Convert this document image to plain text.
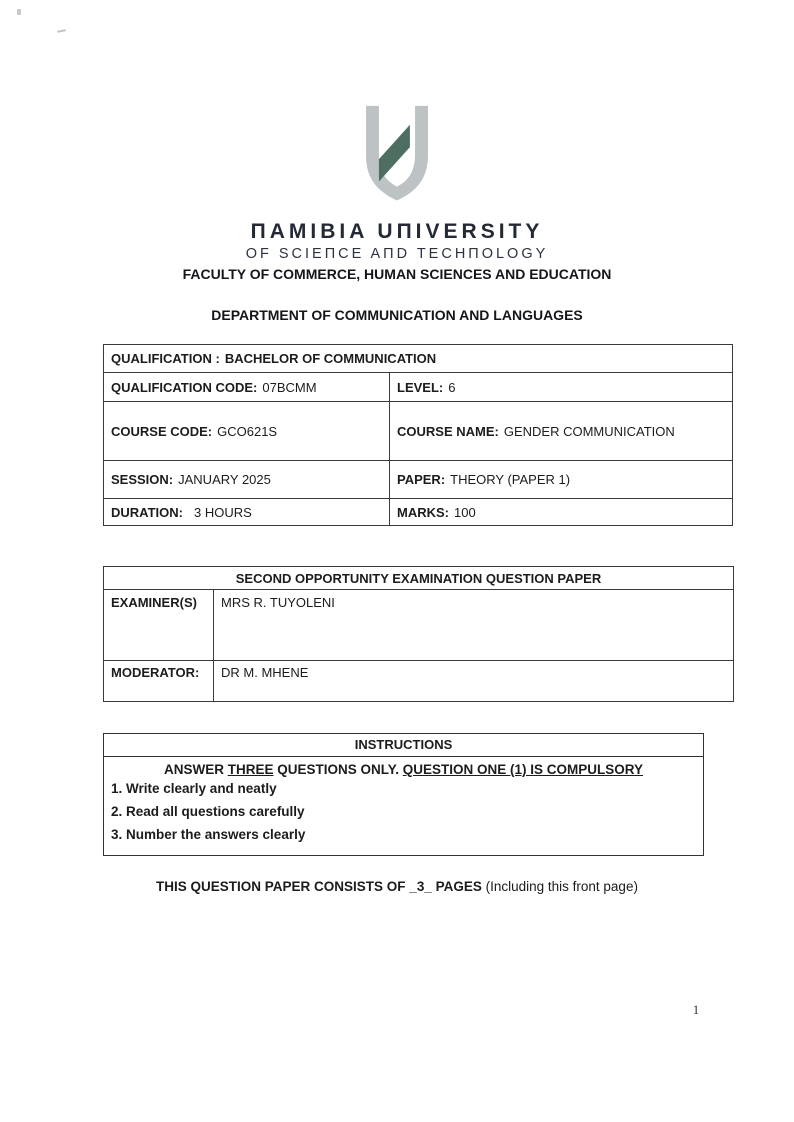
ПAMIBIA UПIVERSITY
OF SCIEПCE AПD TECHПOLOGY
FACULTY OF COMMERCE, HUMAN SCIENCES AND EDUCATION
DEPARTMENT OF COMMUNICATION AND LANGUAGES
QUALIFICATION : BACHELOR OF COMMUNICATION	
QUALIFICATION CODE: 07BCMM	LEVEL: 6
COURSE CODE: GCO621S	COURSE NAME: GENDER COMMUNICATION
SESSION: JANUARY 2025	PAPER: THEORY (PAPER 1)
DURATION: 3 HOURS	MARKS: 100
SECOND OPPORTUNITY EXAMINATION QUESTION PAPER	
EXAMINER(S)	MRS R. TUYOLENI
MODERATOR:	DR M. MHENE
INSTRUCTIONS
ANSWER THREE QUESTIONS ONLY. QUESTION ONE (1) IS COMPULSORY
1. Write clearly and neatly
2. Read all questions carefully
3. Number the answers clearly
THIS QUESTION PAPER CONSISTS OF _3_ PAGES (Including this front page)
1
